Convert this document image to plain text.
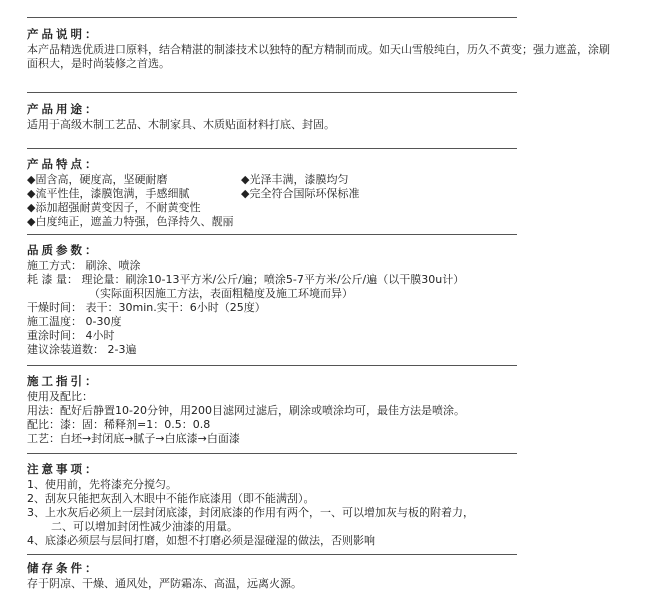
产品说明：
本产品精选优质进口原料，结合精湛的制漆技术以独特的配方精制而成。如天山雪般纯白，历久不黄变；强力遮盖，涂刷
面积大，是时尚装修之首选。
产品用途：
适用于高级木制工艺品、木制家具、木质贴面材料打底、封固。
产品特点：
◆固含高，硬度高，坚硬耐磨	◆光泽丰满，漆膜均匀
◆流平性佳，漆膜饱满，手感细腻	◆完全符合国际环保标准
◆添加超强耐黄变因子，不耐黄变性
◆白度纯正，遮盖力特强，色泽持久、靓丽
品质参数：
施工方式： 刷涂、喷涂
耗 漆 量： 理论量：刷涂10-13平方米/公斤/遍；喷涂5-7平方米/公斤/遍（以干膜30u计）
（实际面积因施工方法，表面粗糙度及施工环境而异）
干燥时间： 表干：30min.实干：6小时（25度）
施工温度： 0-30度
重涂时间： 4小时
建议涂装道数： 2-3遍
施工指引：
使用及配比：
用法：配好后静置10-20分钟，用200目滤网过滤后，刷涂或喷涂均可，最佳方法是喷涂。
配比：漆：固：稀释剂=1：0.5：0.8
工艺：白坯→封闭底→腻子→白底漆→白面漆
注意事项：
1、使用前，先将漆充分搅匀。
2、刮灰只能把灰刮入木眼中不能作底漆用（即不能满刮）。
3、上水灰后必须上一层封闭底漆，封闭底漆的作用有两个，一、可以增加灰与板的附着力，
二、可以增加封闭性减少油漆的用量。
4、底漆必须层与层间打磨，如想不打磨必须是湿碰湿的做法，否则影响
储存条件：
存于阴凉、干燥、通风处，严防霜冻、高温，远离火源。
